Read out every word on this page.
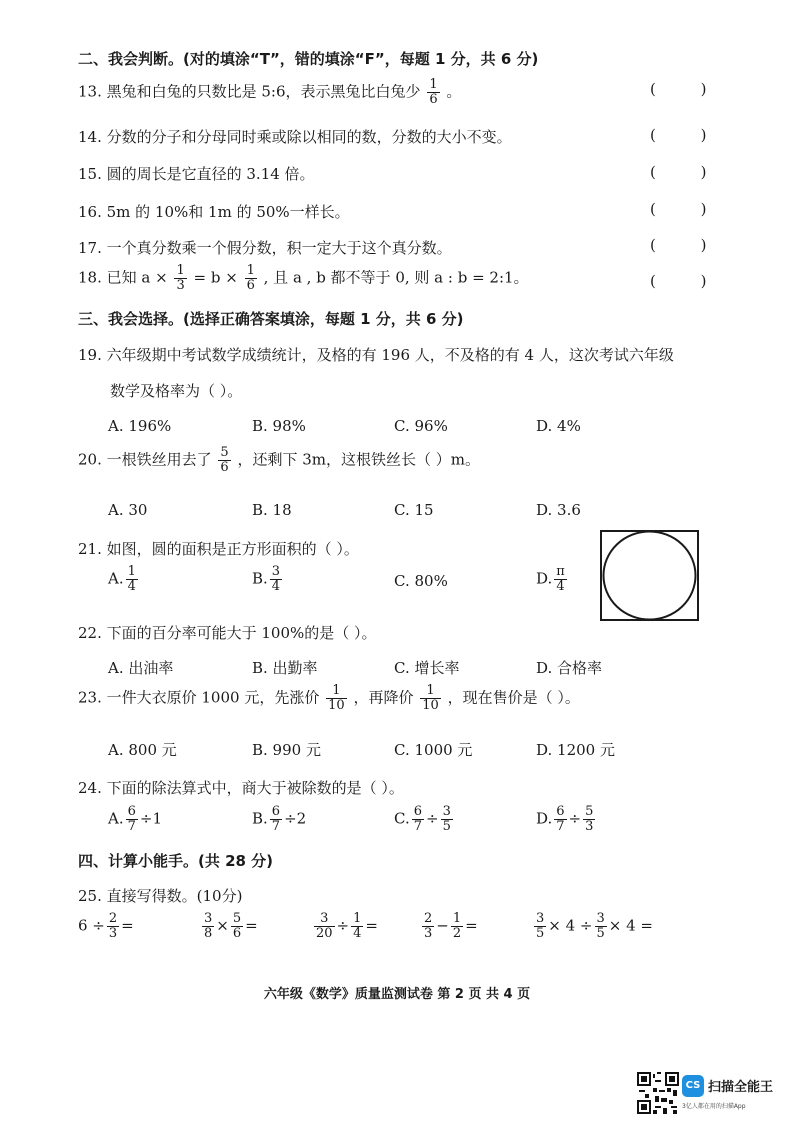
二、我会判断。(对的填涂“T”，错的填涂“F”，每题 1 分，共 6 分)
13. 黑兔和白兔的只数比是 5:6，表示黑兔比白兔少 $\frac{1}{6}$ 。	( )
14. 分数的分子和分母同时乘或除以相同的数，分数的大小不变。	( )
15. 圆的周长是它直径的 3.14 倍。	( )
16. 5m 的 10%和 1m 的 50%一样长。	( )
17. 一个真分数乘一个假分数，积一定大于这个真分数。	( )
18. 已知 $a \times \frac{1}{3} = b \times \frac{1}{6}$ , 且 a , b 都不等于 0, 则 a : b = 2:1。	( )
三、我会选择。(选择正确答案填涂，每题 1 分，共 6 分)
19. 六年级期中考试数学成绩统计，及格的有 196 人，不及格的有 4 人，这次考试六年级
数学及格率为（ ）。
A. 196%	B. 98%	C. 96%	D. 4%
20. 一根铁丝用去了 $\frac{5}{6}$ ，还剩下 3m，这根铁丝长（ ）m。
A. 30	B. 18	C. 15	D. 3.6
21. 如图，圆的面积是正方形面积的（ ）。
A. $\frac{1}{4}$	B. $\frac{3}{4}$	C. 80%	D. $\frac{\pi}{4}$
22. 下面的百分率可能大于 100%的是（ ）。
A. 出油率	B. 出勤率	C. 增长率	D. 合格率
23. 一件大衣原价 1000 元，先涨价 $\frac{1}{10}$ ，再降价 $\frac{1}{10}$ ，现在售价是（ ）。
A. 800 元	B. 990 元	C. 1000 元	D. 1200 元
24. 下面的除法算式中，商大于被除数的是（ ）。
A. $\frac{6}{7} \div 1$	B. $\frac{6}{7} \div 2$	C. $\frac{6}{7} \div \frac{3}{5}$	D. $\frac{6}{7} \div \frac{5}{3}$
四、计算小能手。(共 28 分)
25. 直接写得数。(10分)
$6 \div \frac{2}{3}$ =	$\frac{3}{8} \times \frac{5}{6}$ =	$\frac{3}{20} \div \frac{1}{4}$ =	$\frac{2}{3} - \frac{1}{2}$ =	$\frac{3}{5} \times 4 \div \frac{3}{5} \times 4$ =
六年级《数学》质量监测试卷 第 2 页 共 4 页
CS 扫描全能王
3亿人都在用的扫描App
